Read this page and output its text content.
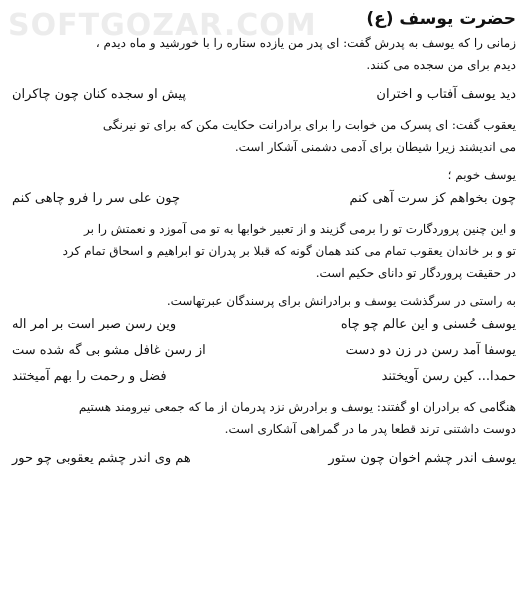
SOFTGOZAR.COM	حضرت یوسف (ع)

زمانی را که یوسف به پدرش گفت: ای پدر من یازده ستاره را با خورشید و ماه دیدم ،

دیدم برای من سجده می کنند.

دید یوسف آفتاب و اختران
پیش او سجده کنان چون چاکران

یعقوب گفت: ای پسرک من خوابت را برای برادرانت حکایت مکن که برای تو نیرنگی

می اندیشند زیرا شیطان برای آدمی دشمنی آشکار است.

یوسف خوبم ؛

چون بخواهم کز سرت آهی کنم
چون علی سر را فرو چاهی کنم

و این چنین پروردگارت تو را برمی گزیند و از تعبیر خوابها به تو می آموزد و نعمتش را بر

تو و بر خاندان یعقوب تمام می کند همان گونه که قبلا بر پدران تو ابراهیم و اسحاق تمام کرد

در حقیقت پروردگار تو دانای حکیم است.

به راستی در سرگذشت یوسف و برادرانش برای پرسندگان عبرتهاست.

یوسف حُسنی و این عالم چو چاه
وین رسن صبر است بر امر اله
یوسفا آمد رسن در زن دو دست
از رسن غافل مشو بی گه شده ست
حمدا... کین رسن آویختند
فضل و رحمت را بهم آمیختند

هنگامی که برادران او گفتند: یوسف و برادرش نزد پدرمان از ما که جمعی نیرومند هستیم

دوست داشتنی ترند قطعا پدر ما در گمراهی آشکاری است.

یوسف اندر چشم اخوان چون ستور
هم وی اندر چشم یعقوبی چو حور
